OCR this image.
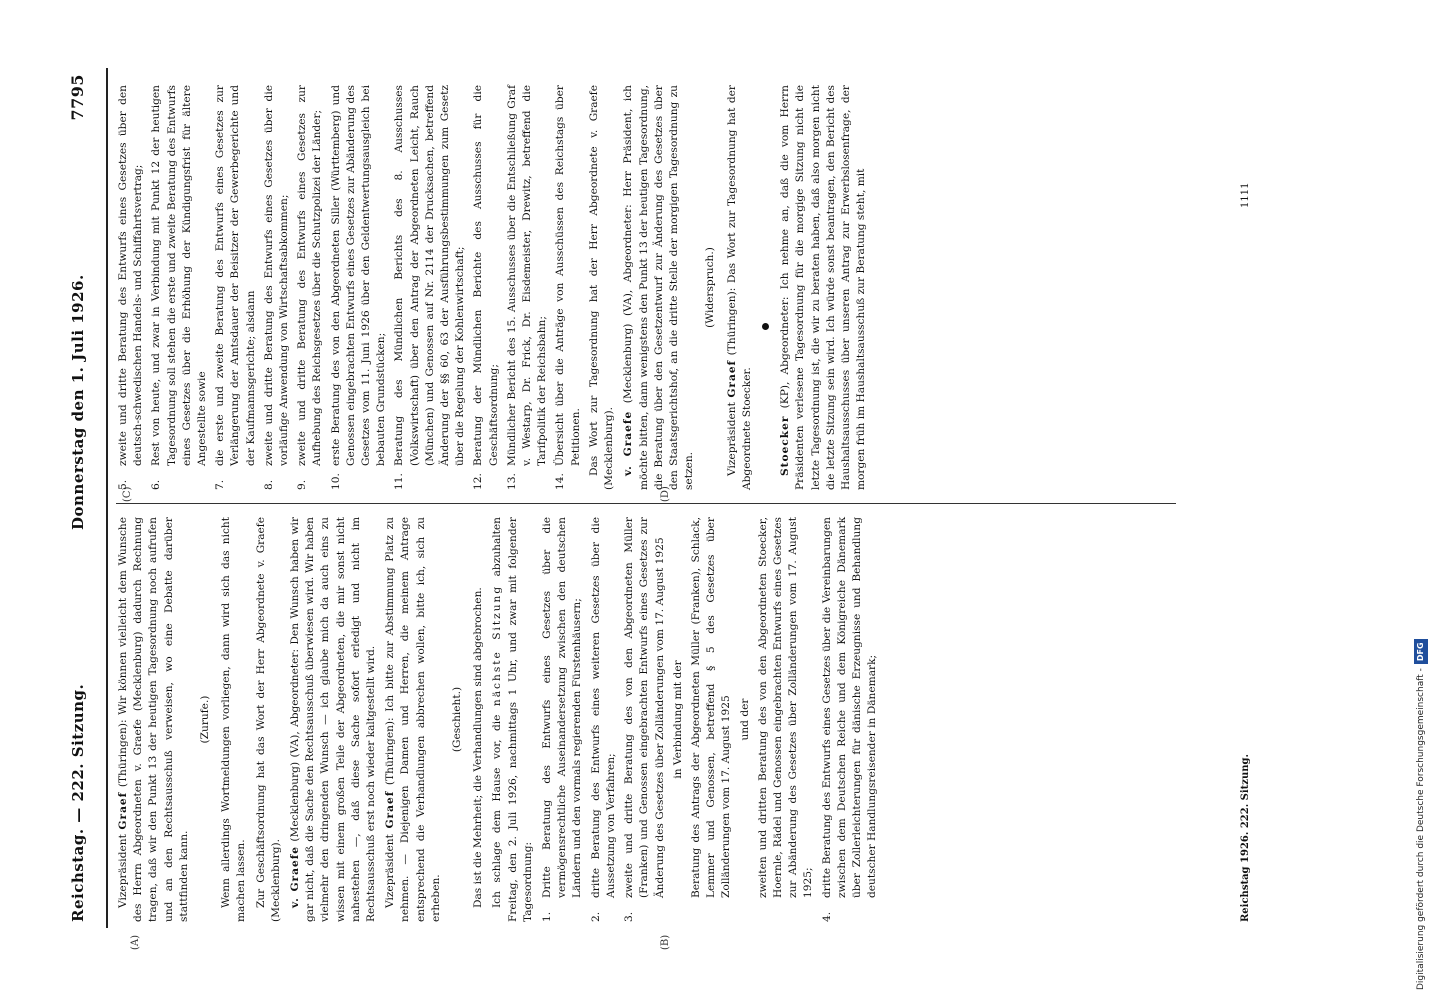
Reichstag. — 222. Sitzung.
Donnerstag den 1. Juli 1926.
7795
(A)	(B)
(C)	(D)

Vizepräsident Graef (Thüringen): Wir können vielleicht dem Wunsche des Herrn Abgeordneten v. Graefe (Mecklenburg) dadurch Rechnung tragen, daß wir den Punkt 13 der heutigen Tagesordnung noch aufrufen und an den Rechtsausschuß verweisen, wo eine Debatte darüber stattfinden kann.

(Zurufe.) Wenn allerdings Wortmeldungen vorliegen, dann wird sich das nicht machen lassen. Zur Geschäftsordnung hat das Wort der Herr Abgeordnete v. Graefe (Mecklenburg). v. Graefe (Mecklenburg) (VA), Abgeordneter: Den Wunsch haben wir gar nicht, daß die Sache den Rechtsausschuß überwiesen wird. Wir haben vielmehr den dringenden Wunsch — ich glaube mich da auch eins zu wissen mit einem großen Teile der Abgeordneten, die mir sonst nicht nahestehen —, daß diese Sache sofort erledigt und nicht im Rechtsausschuß erst noch wieder kaltgestellt wird. Vizepräsident Graef (Thüringen): Ich bitte zur Abstimmung Platz zu nehmen. — Diejenigen Damen und Herren, die meinem Antrage entsprechend die Verhandlungen abbrechen wollen, bitte ich, sich zu erheben.

(Geschieht.) Das ist die Mehrheit; die Verhandlungen sind abgebrochen. Ich schlage dem Hause vor, die nächste Sitzung abzuhalten Freitag, den 2. Juli 1926, nachmittags 1 Uhr, und zwar mit folgender Tagesordnung: 1.
Dritte Beratung des Entwurfs eines Gesetzes über die vermögensrechtliche Auseinandersetzung zwischen den deutschen Ländern und den vormals regierenden Fürstenhäusern;
2.
dritte Beratung des Entwurfs eines weiteren Gesetzes über die Aussetzung von Verfahren;
3.
zweite und dritte Beratung des von den Abgeordneten Müller (Franken) und Genossen eingebrachten Entwurfs eines Gesetzes zur Änderung des Gesetzes über Zolländerungen vom 17. August 1925 in Verbindung mit der Beratung des Antrags der Abgeordneten Müller (Franken), Schlack, Lemmer und Genossen, betreffend § 5 des Gesetzes über Zolländerungen vom 17. August 1925 und der zweiten und dritten Beratung des von den Abgeordneten Stoecker, Hoernle, Rädel und Genossen eingebrachten Entwurfs eines Gesetzes zur Abänderung des Gesetzes über Zolländerungen vom 17. August 1925;
4.
dritte Beratung des Entwurfs eines Gesetzes über die Vereinbarungen zwischen dem Deutschen Reiche und dem Königreiche Dänemark über Zollerleichterungen für dänische Erzeugnisse und Behandlung deutscher Handlungsreisender in Dänemark;
5.
zweite und dritte Beratung des Entwurfs eines Gesetzes über den deutsch-schwedischen Handels- und Schiffahrtsvertrag;
6.
Rest von heute, und zwar in Verbindung mit Punkt 12 der heutigen Tagesordnung soll stehen die erste und zweite Beratung des Entwurfs eines Gesetzes über die Erhöhung der Kündigungsfrist für ältere Angestellte sowie
7.
die erste und zweite Beratung des Entwurfs eines Gesetzes zur Verlängerung der Amtsdauer der Beisitzer der Gewerbegerichte und der Kaufmannsgerichte; alsdann
8.
zweite und dritte Beratung des Entwurfs eines Gesetzes über die vorläufige Anwendung von Wirtschaftsabkommen;
9.
zweite und dritte Beratung des Entwurfs eines Gesetzes zur Aufhebung des Reichsgesetzes über die Schutzpolizei der Länder;
10.
erste Beratung des von den Abgeordneten Siller (Württemberg) und Genossen eingebrachten Entwurfs eines Gesetzes zur Abänderung des Gesetzes vom 11. Juni 1926 über den Geldentwertungsausgleich bei bebauten Grundstücken;
11.
Beratung des Mündlichen Berichts des 8. Ausschusses (Volkswirtschaft) über den Antrag der Abgeordneten Leicht, Rauch (München) und Genossen auf Nr. 2114 der Drucksachen, betreffend Änderung der §§ 60, 63 der Ausführungsbestimmungen zum Gesetz über die Regelung der Kohlenwirtschaft;
12.
Beratung der Mündlichen Berichte des Ausschusses für die Geschäftsordnung;
13.
Mündlicher Bericht des 15. Ausschusses über die Entschließung Graf v. Westarp, Dr. Frick, Dr. Eisdemeister, Drewitz, betreffend die Tarifpolitik der Reichsbahn;
14.
Übersicht über die Anträge von Ausschüssen des Reichstags über Petitionen. Das Wort zur Tagesordnung hat der Herr Abgeordnete v. Graefe (Mecklenburg). v. Graefe (Mecklenburg) (VA), Abgeordneter: Herr Präsident, ich möchte bitten, dann wenigstens den Punkt 13 der heutigen Tagesordnung, die Beratung über den Gesetzentwurf zur Änderung des Gesetzes über den Staatsgerichtshof, an die dritte Stelle der morgigen Tagesordnung zu setzen.

(Widerspruch.)

Vizepräsident Graef (Thüringen): Das Wort zur Tagesordnung hat der Abgeordnete Stoecker. Stoecker (KP), Abgeordneter: Ich nehme an, daß die vom Herrn Präsidenten verlesene Tagesordnung für die morgige Sitzung nicht die letzte Tagesordnung ist, die wir zu beraten haben, daß also morgen nicht die letzte Sitzung sein wird. Ich würde sonst beantragen, den Bericht des Haushaltsausschusses über unseren Antrag zur Erwerbslosenfrage, der morgen früh im Haushaltsausschuß zur Beratung steht, mit

Reichstag 1926. 222. Sitzung.
1111
Digitalisierung gefördert durch die Deutsche Forschungsgemeinschaft -DFG
